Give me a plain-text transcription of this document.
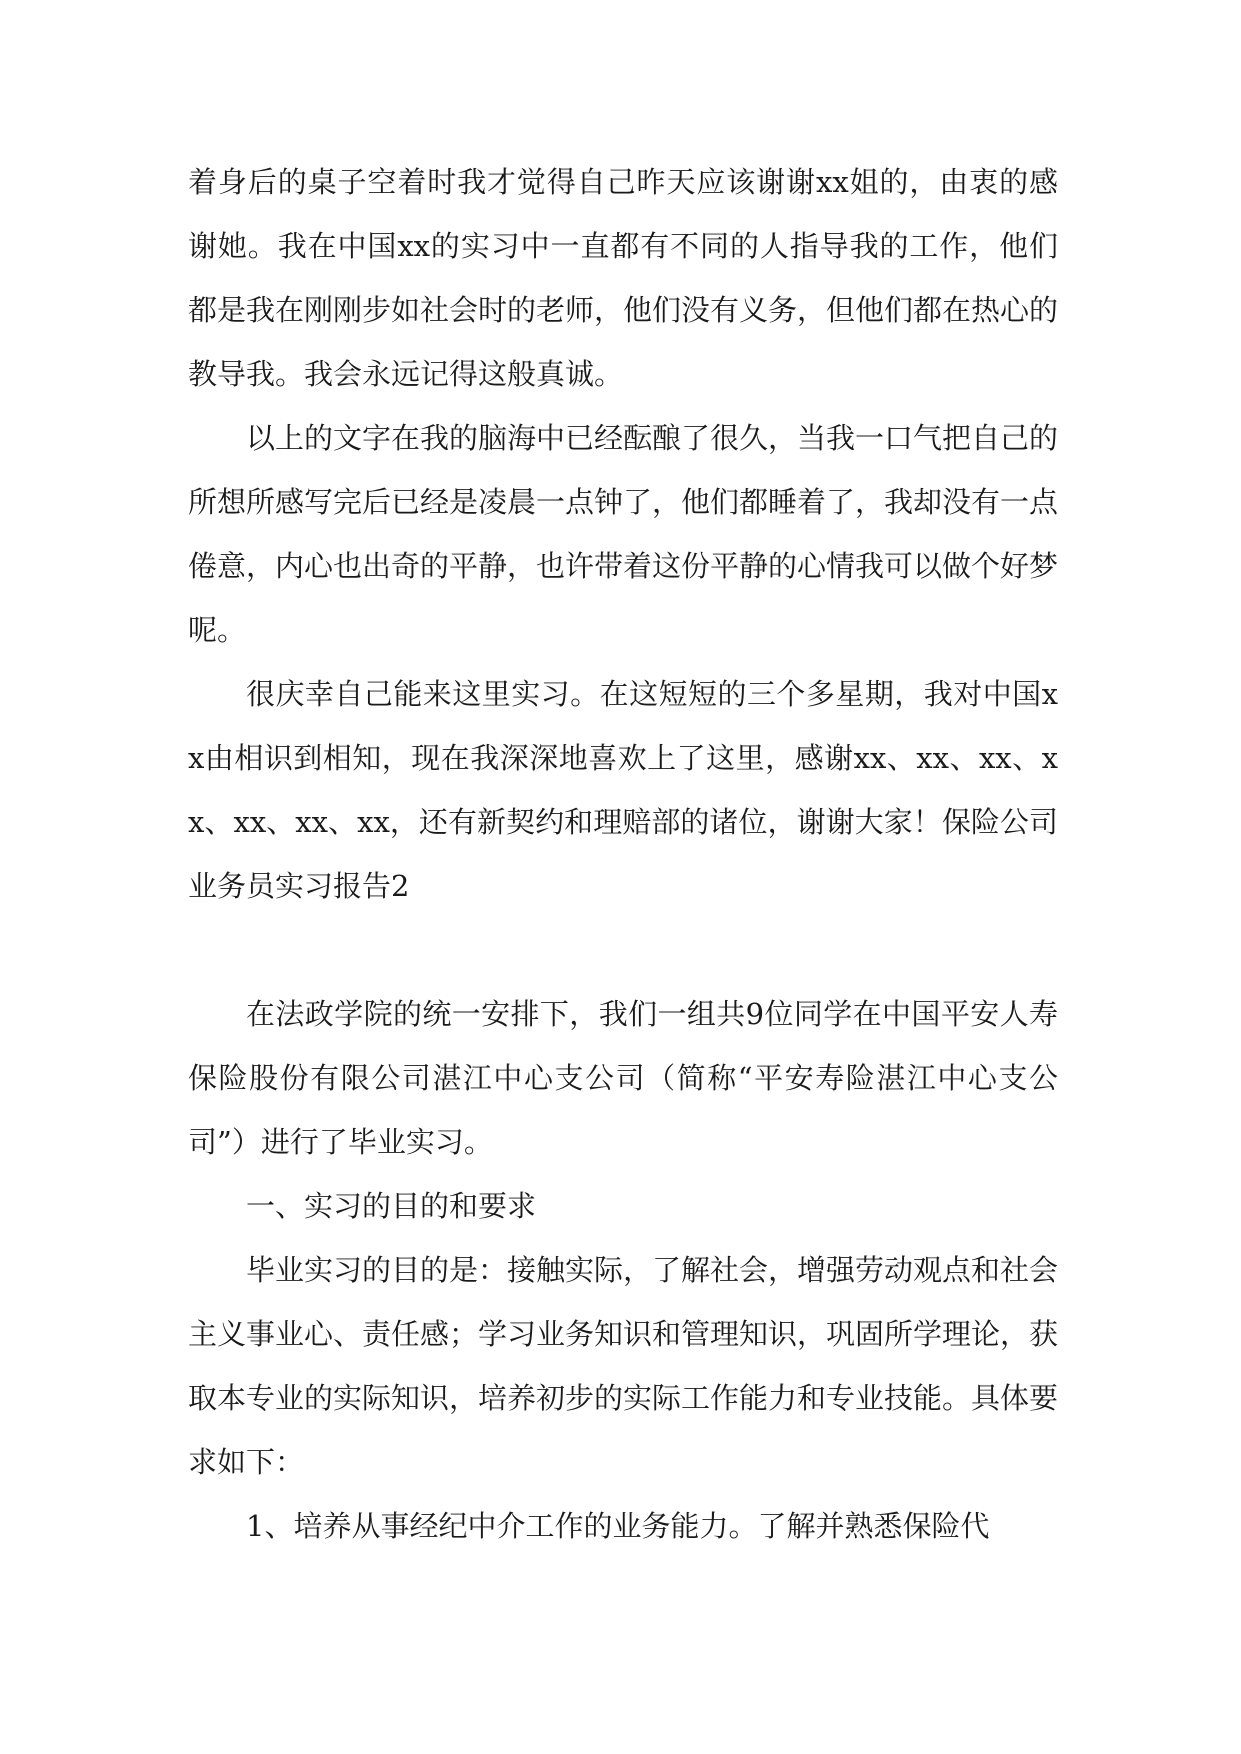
着身后的桌子空着时我才觉得自己昨天应该谢谢xx姐的，由衷的感谢她。我在中国xx的实习中一直都有不同的人指导我的工作，他们都是我在刚刚步如社会时的老师，他们没有义务，但他们都在热心的教导我。我会永远记得这般真诚。

以上的文字在我的脑海中已经酝酿了很久，当我一口气把自己的所想所感写完后已经是凌晨一点钟了，他们都睡着了，我却没有一点倦意，内心也出奇的平静，也许带着这份平静的心情我可以做个好梦呢。

很庆幸自己能来这里实习。在这短短的三个多星期，我对中国xx由相识到相知，现在我深深地喜欢上了这里，感谢xx、xx、xx、xx、xx、xx、xx，还有新契约和理赔部的诸位，谢谢大家！保险公司业务员实习报告2

在法政学院的统一安排下，我们一组共9位同学在中国平安人寿保险股份有限公司湛江中心支公司（简称“平安寿险湛江中心支公司”）进行了毕业实习。

一、实习的目的和要求

毕业实习的目的是：接触实际，了解社会，增强劳动观点和社会主义事业心、责任感；学习业务知识和管理知识，巩固所学理论，获取本专业的实际知识，培养初步的实际工作能力和专业技能。具体要求如下：

1、培养从事经纪中介工作的业务能力。了解并熟悉保险代
